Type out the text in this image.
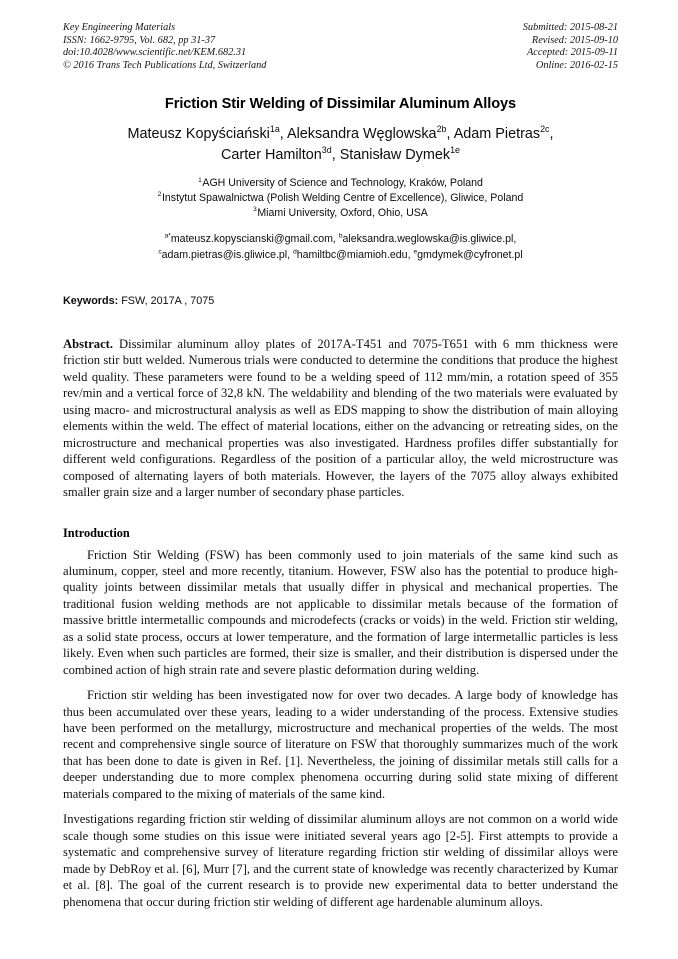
Key Engineering Materials
ISSN: 1662-9795, Vol. 682, pp 31-37
doi:10.4028/www.scientific.net/KEM.682.31
© 2016 Trans Tech Publications Ltd, Switzerland
Submitted: 2015-08-21
Revised: 2015-09-10
Accepted: 2015-09-11
Online: 2016-02-15
Friction Stir Welding of Dissimilar Aluminum Alloys
Mateusz Kopyściański$^{1a}$, Aleksandra Węglowska$^{2b}$, Adam Pietras$^{2c}$,
Carter Hamilton$^{3d}$, Stanisław Dymek$^{1e}$
$^1$AGH University of Science and Technology, Kraków, Poland
$^2$Instytut Spawalnictwa (Polish Welding Centre of Excellence), Gliwice, Poland
$^3$Miami University, Oxford, Ohio, USA
$^{a*}$mateusz.kopyscianski@gmail.com, $^b$aleksandra.weglowska@is.gliwice.pl,
$^c$adam.pietras@is.gliwice.pl, $^d$hamiltbc@miamioh.edu, $^e$gmdymek@cyfronet.pl
Keywords: FSW, 2017A , 7075
Abstract. Dissimilar aluminum alloy plates of 2017A-T451 and 7075-T651 with 6 mm thickness were friction stir butt welded. Numerous trials were conducted to determine the conditions that produce the highest weld quality. These parameters were found to be a welding speed of 112 mm/min, a rotation speed of 355 rev/min and a vertical force of 32,8 kN. The weldability and blending of the two materials were evaluated by using macro- and microstructural analysis as well as EDS mapping to show the distribution of main alloying elements within the weld. The effect of material locations, either on the advancing or retreating sides, on the microstructure and mechanical properties was also investigated. Hardness profiles differ substantially for different weld configurations. Regardless of the position of a particular alloy, the weld microstructure was composed of alternating layers of both materials. However, the layers of the 7075 alloy always exhibited smaller grain size and a larger number of secondary phase particles.
Introduction
Friction Stir Welding (FSW) has been commonly used to join materials of the same kind such as aluminum, copper, steel and more recently, titanium. However, FSW also has the potential to produce high-quality joints between dissimilar metals that usually differ in physical and mechanical properties. The traditional fusion welding methods are not applicable to dissimilar metals because of the formation of massive brittle intermetallic compounds and microdefects (cracks or voids) in the weld. Friction stir welding, as a solid state process, occurs at lower temperature, and the formation of large intermetallic particles is less likely. Even when such particles are formed, their size is smaller, and their distribution is dispersed under the combined action of high strain rate and severe plastic deformation during welding.
Friction stir welding has been investigated now for over two decades. A large body of knowledge has thus been accumulated over these years, leading to a wider understanding of the process. Extensive studies have been performed on the metallurgy, microstructure and mechanical properties of the welds. The most recent and comprehensive single source of literature on FSW that thoroughly summarizes much of the work that has been done to date is given in Ref. [1]. Nevertheless, the joining of dissimilar metals still calls for a deeper understanding due to more complex phenomena occurring during solid state mixing of different materials compared to the mixing of materials of the same kind.
Investigations regarding friction stir welding of dissimilar aluminum alloys are not common on a world wide scale though some studies on this issue were initiated several years ago [2-5]. First attempts to provide a systematic and comprehensive survey of literature regarding friction stir welding of dissimilar alloys were made by DebRoy et al. [6], Murr [7], and the current state of knowledge was recently characterized by Kumar et al. [8]. The goal of the current research is to provide new experimental data to better understand the phenomena that occur during friction stir welding of different age hardenable aluminum alloys.
